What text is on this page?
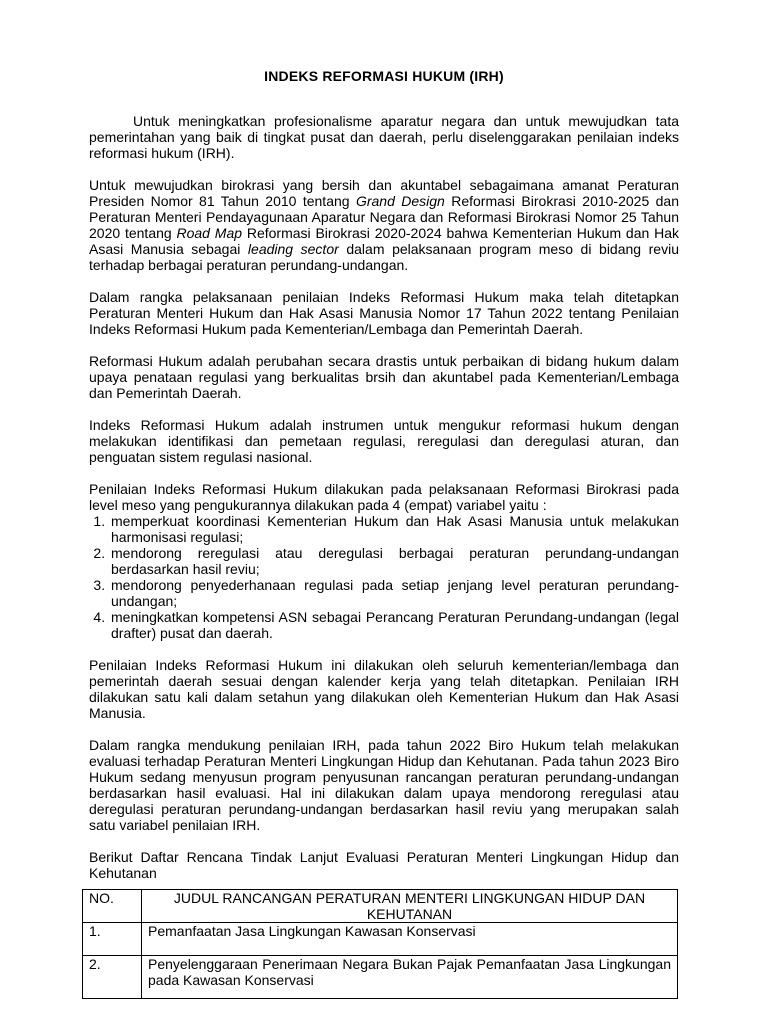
INDEKS REFORMASI HUKUM (IRH)

Untuk meningkatkan profesionalisme aparatur negara dan untuk mewujudkan tata pemerintahan yang baik di tingkat pusat dan daerah, perlu diselenggarakan penilaian indeks reformasi hukum (IRH).

Untuk mewujudkan birokrasi yang bersih dan akuntabel sebagaimana amanat Peraturan Presiden Nomor 81 Tahun 2010 tentang Grand Design Reformasi Birokrasi 2010-2025 dan Peraturan Menteri Pendayagunaan Aparatur Negara dan Reformasi Birokrasi Nomor 25 Tahun 2020 tentang Road Map Reformasi Birokrasi 2020-2024 bahwa Kementerian Hukum dan Hak Asasi Manusia sebagai leading sector dalam pelaksanaan program meso di bidang reviu terhadap berbagai peraturan perundang-undangan.

Dalam rangka pelaksanaan penilaian Indeks Reformasi Hukum maka telah ditetapkan Peraturan Menteri Hukum dan Hak Asasi Manusia Nomor 17 Tahun 2022 tentang Penilaian Indeks Reformasi Hukum pada Kementerian/Lembaga dan Pemerintah Daerah.

Reformasi Hukum adalah perubahan secara drastis untuk perbaikan di bidang hukum dalam upaya penataan regulasi yang berkualitas brsih dan akuntabel pada Kementerian/Lembaga dan Pemerintah Daerah.

Indeks Reformasi Hukum adalah instrumen untuk mengukur reformasi hukum dengan melakukan identifikasi dan pemetaan regulasi, reregulasi dan deregulasi aturan, dan penguatan sistem regulasi nasional.

Penilaian Indeks Reformasi Hukum dilakukan pada pelaksanaan Reformasi Birokrasi pada level meso yang pengukurannya dilakukan pada 4 (empat) variabel yaitu :

1. memperkuat koordinasi Kementerian Hukum dan Hak Asasi Manusia untuk melakukan harmonisasi regulasi;
2. mendorong reregulasi atau deregulasi berbagai peraturan perundang-undangan berdasarkan hasil reviu;
3. mendorong penyederhanaan regulasi pada setiap jenjang level peraturan perundang-undangan;
4. meningkatkan kompetensi ASN sebagai Perancang Peraturan Perundang-undangan (legal drafter) pusat dan daerah.

Penilaian Indeks Reformasi Hukum ini dilakukan oleh seluruh kementerian/lembaga dan pemerintah daerah sesuai dengan kalender kerja yang telah ditetapkan. Penilaian IRH dilakukan satu kali dalam setahun yang dilakukan oleh Kementerian Hukum dan Hak Asasi Manusia.

Dalam rangka mendukung penilaian IRH, pada tahun 2022 Biro Hukum telah melakukan evaluasi terhadap Peraturan Menteri Lingkungan Hidup dan Kehutanan. Pada tahun 2023 Biro Hukum sedang menyusun program penyusunan rancangan peraturan perundang-undangan berdasarkan hasil evaluasi. Hal ini dilakukan dalam upaya mendorong reregulasi atau deregulasi peraturan perundang-undangan berdasarkan hasil reviu yang merupakan salah satu variabel penilaian IRH.

Berikut Daftar Rencana Tindak Lanjut Evaluasi Peraturan Menteri Lingkungan Hidup dan Kehutanan

NO.	JUDUL RANCANGAN PERATURAN MENTERI LINGKUNGAN HIDUP DAN KEHUTANAN
1.	Pemanfaatan Jasa Lingkungan Kawasan Konservasi
2.	Penyelenggaraan Penerimaan Negara Bukan Pajak Pemanfaatan Jasa Lingkungan pada Kawasan Konservasi
